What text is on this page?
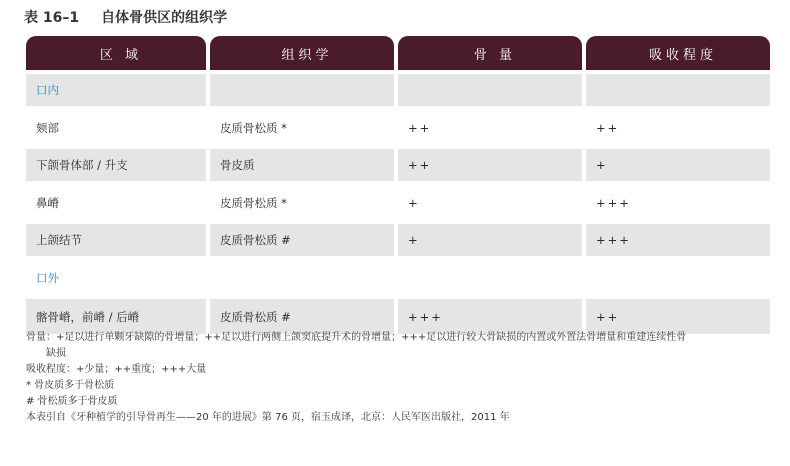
表 16–1 自体骨供区的组织学
区 域	组织学	骨 量	吸收程度
口内
颏部	皮质骨松质 *	++	++
下颌骨体部 / 升支	骨皮质	++	+
鼻嵴	皮质骨松质 *	+	+++
上颌结节	皮质骨松质 #	+	+++
口外
髂骨嵴，前嵴 / 后嵴	皮质骨松质 #	+++	++
骨量：+足以进行单颗牙缺隙的骨增量；++足以进行两侧上颌窦底提升术的骨增量；+++足以进行较大骨缺损的内置或外置法骨增量和重建连续性骨
缺损
吸收程度：+少量；++重度；+++大量
* 骨皮质多于骨松质
# 骨松质多于骨皮质
本表引自《牙种植学的引导骨再生——20 年的进展》第 76 页，宿玉成译，北京：人民军医出版社，2011 年
